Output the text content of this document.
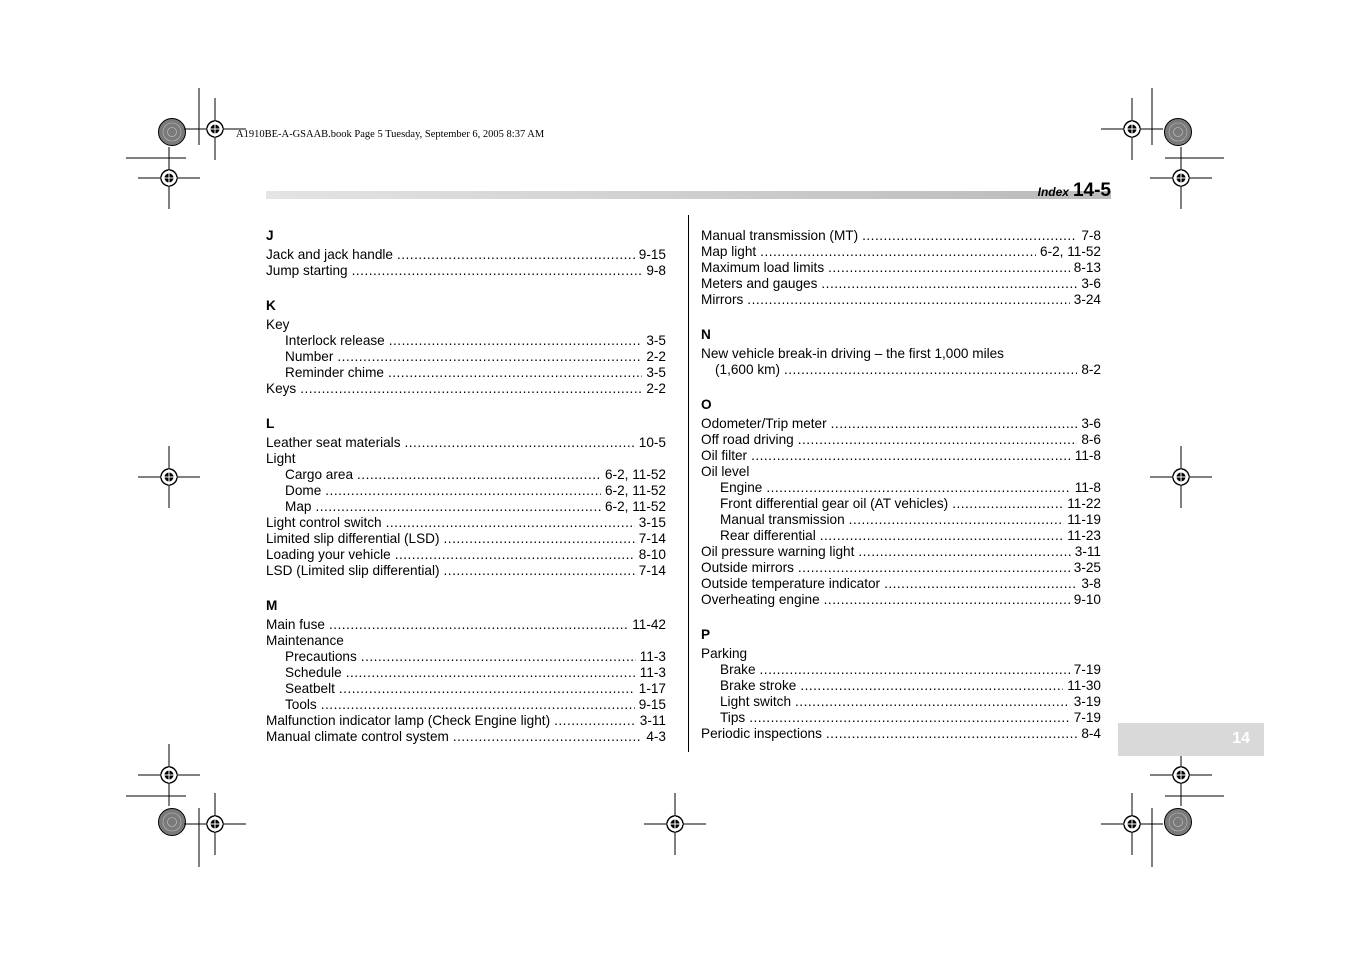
A1910BE-A-GSAAB.book Page 5 Tuesday, September 6, 2005 8:37 AM
Index 14-5
J
Jack and jack handle .....	9-15
Jump starting .....	9-8
K
Key
Interlock release .....	3-5
Number .....	2-2
Reminder chime .....	3-5
Keys .....	2-2
L
Leather seat materials .....	10-5
Light
Cargo area .....	6-2, 11-52
Dome .....	6-2, 11-52
Map .....	6-2, 11-52
Light control switch .....	3-15
Limited slip differential (LSD) .....	7-14
Loading your vehicle .....	8-10
LSD (Limited slip differential) .....	7-14
M
Main fuse .....	11-42
Maintenance
Precautions .....	11-3
Schedule .....	11-3
Seatbelt .....	1-17
Tools .....	9-15
Malfunction indicator lamp (Check Engine light) .....	3-11
Manual climate control system .....	4-3
Manual transmission (MT) .....	7-8
Map light .....	6-2, 11-52
Maximum load limits .....	8-13
Meters and gauges .....	3-6
Mirrors .....	3-24
N
New vehicle break-in driving – the first 1,000 miles
(1,600 km) .....	8-2
O
Odometer/Trip meter .....	3-6
Off road driving .....	8-6
Oil filter .....	11-8
Oil level
Engine .....	11-8
Front differential gear oil (AT vehicles) .....	11-22
Manual transmission .....	11-19
Rear differential .....	11-23
Oil pressure warning light .....	3-11
Outside mirrors .....	3-25
Outside temperature indicator .....	3-8
Overheating engine .....	9-10
P
Parking
Brake .....	7-19
Brake stroke .....	11-30
Light switch .....	3-19
Tips .....	7-19
Periodic inspections .....	8-4	14
